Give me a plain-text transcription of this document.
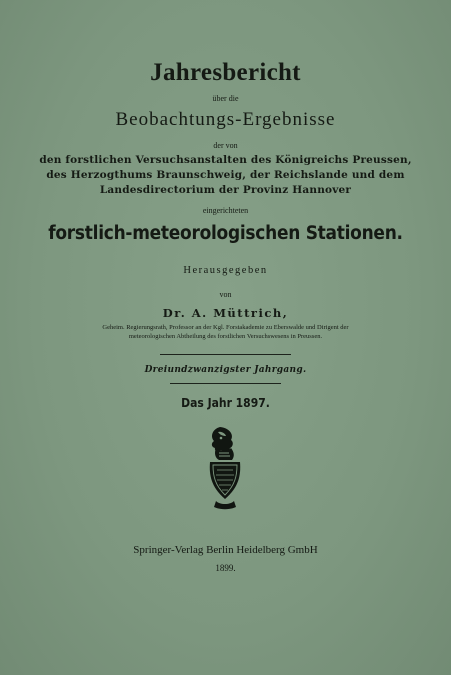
Jahresbericht
über die
Beobachtungs-Ergebnisse
der von
den forstlichen Versuchsanstalten des Königreichs Preussen,
des Herzogthums Braunschweig, der Reichslande und dem
Landesdirectorium der Provinz Hannover
eingerichteten
forstlich-meteorologischen Stationen.
Herausgegeben
von
Dr. A. Müttrich,
Geheim. Regierungsrath, Professor an der Kgl. Forstakademie zu Eberswalde und Dirigent der
meteorologischen Abtheilung des forstlichen Versuchswesens in Preussen.
Dreiundzwanzigster Jahrgang.
Das Jahr 1897.
Springer-Verlag Berlin Heidelberg GmbH
1899.
